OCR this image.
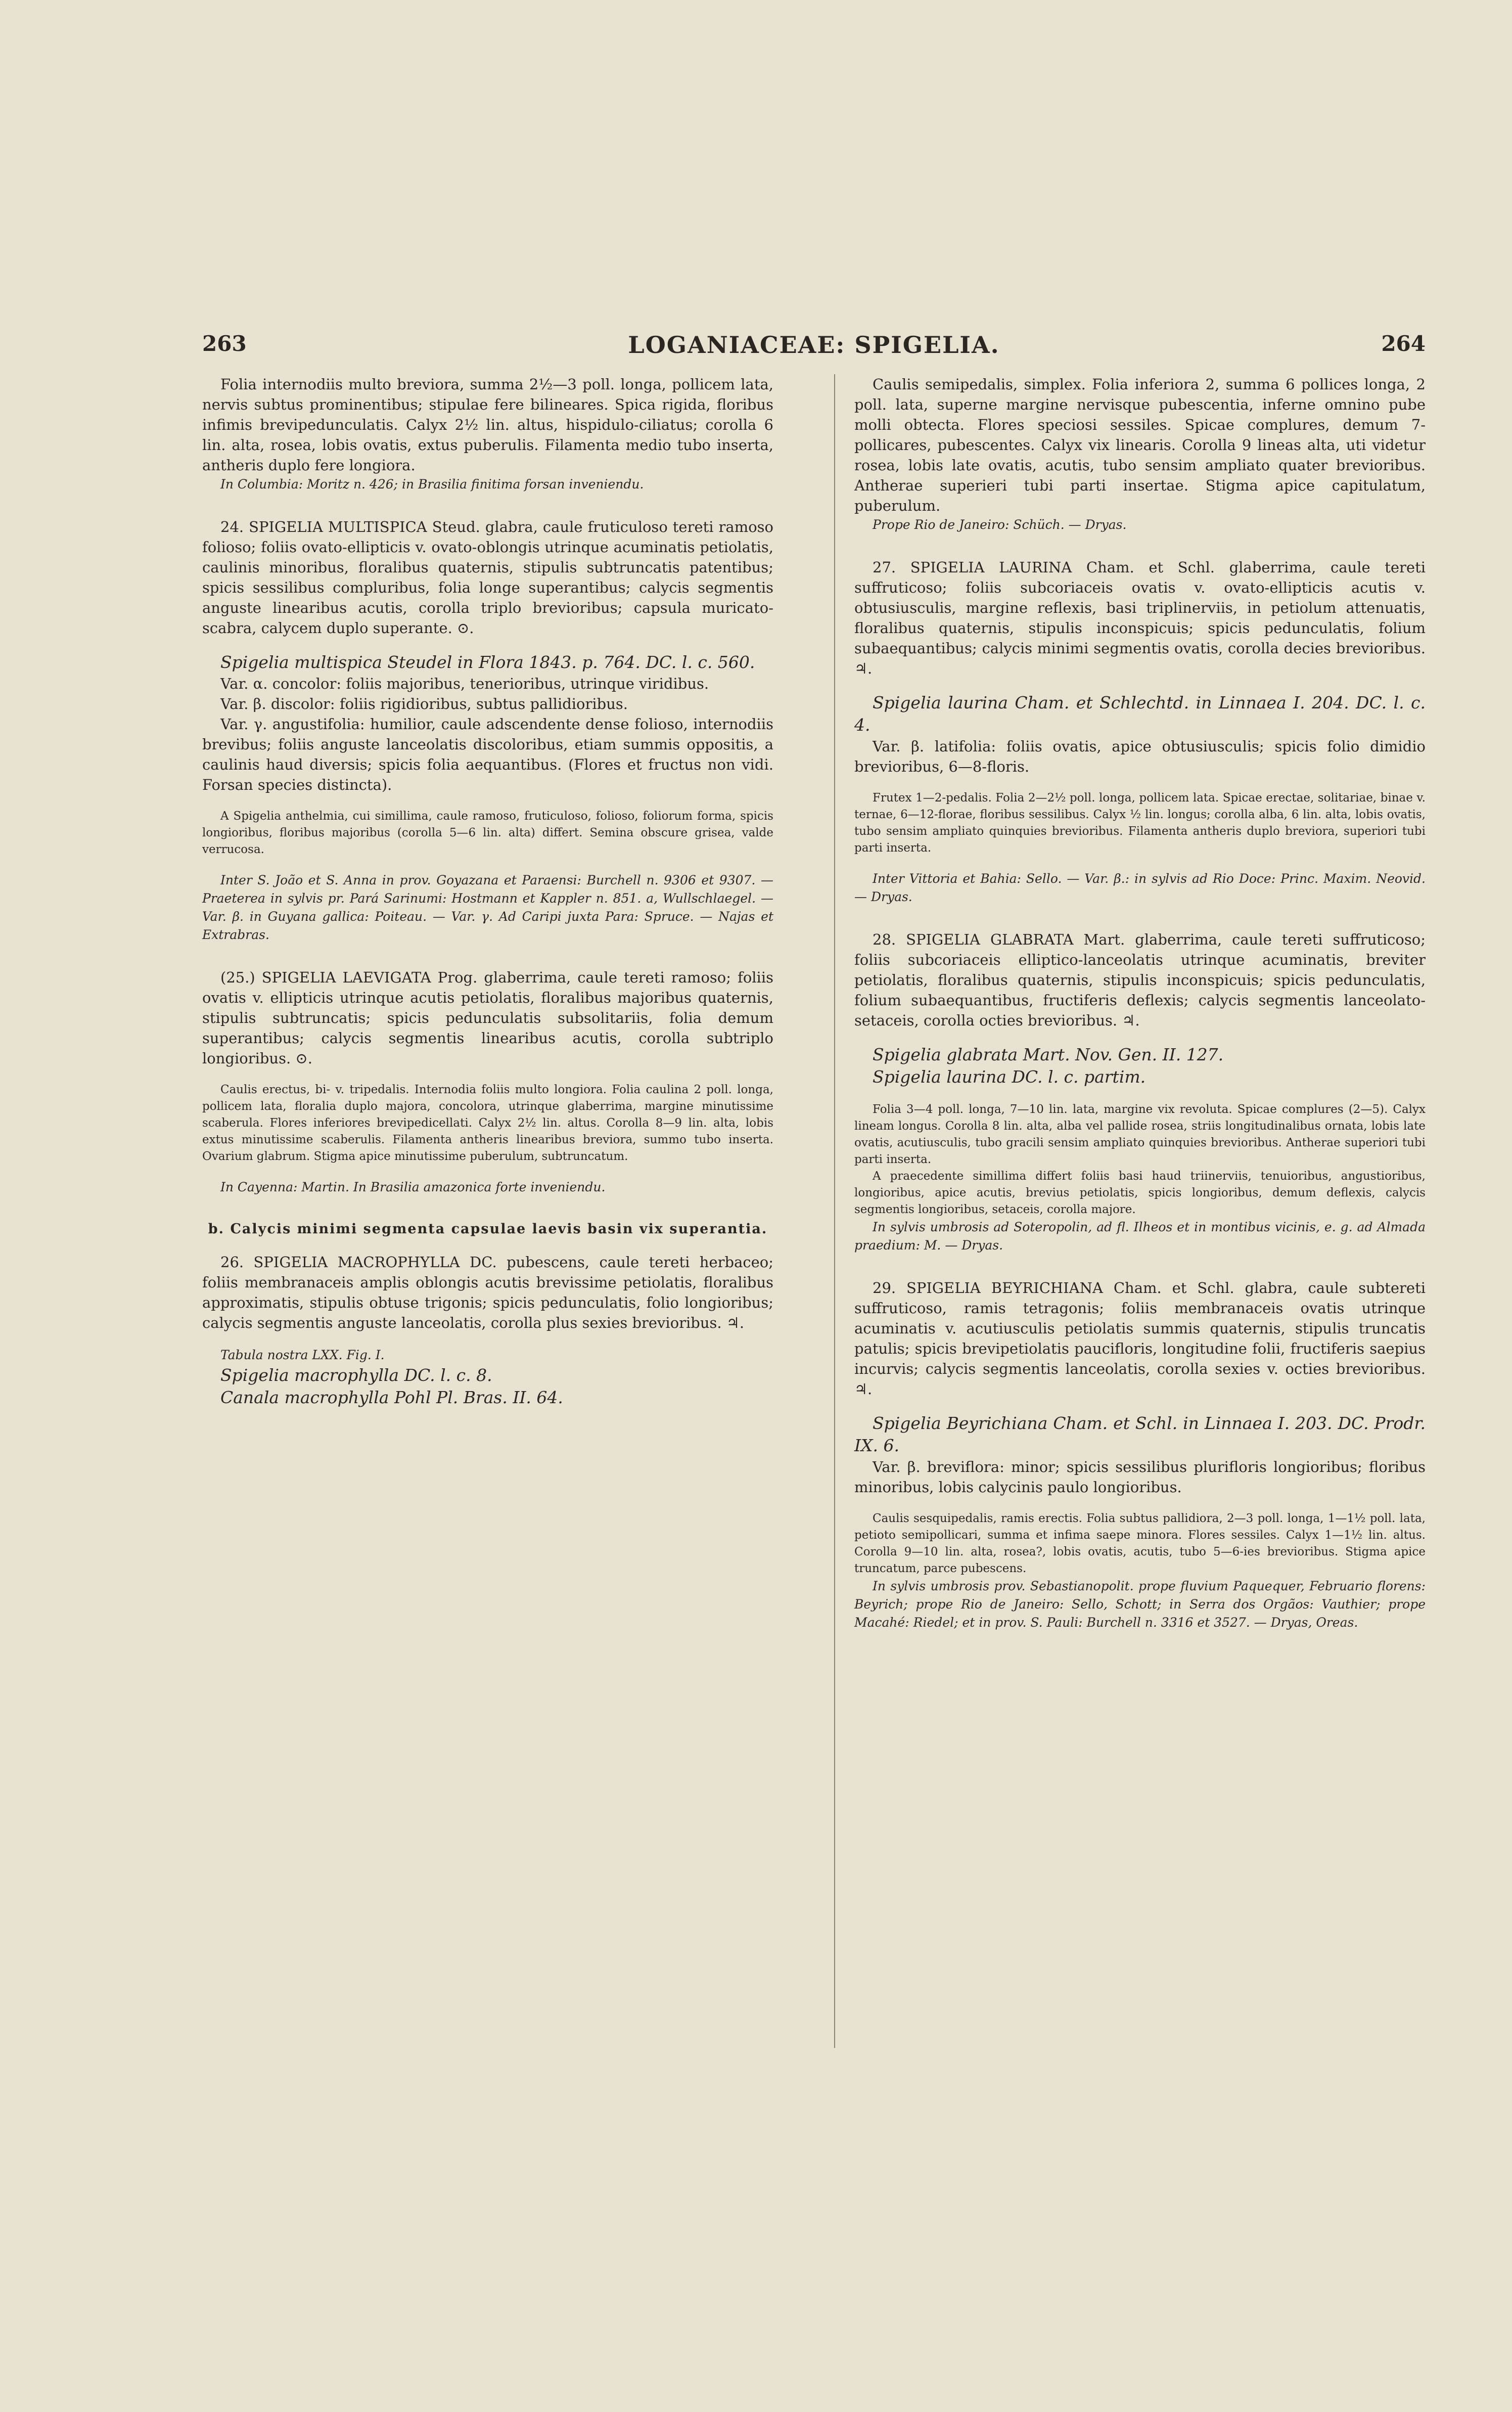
263	LOGANIACEAE: SPIGELIA.	264
Folia internodiis multo breviora, summa 2½—3 poll. longa, pollicem lata, nervis subtus prominentibus; stipulae fere bilineares. Spica rigida, floribus infimis brevipedunculatis. Calyx 2½ lin. altus, hispidulo-ciliatus; corolla 6 lin. alta, rosea, lobis ovatis, extus puberulis. Filamenta medio tubo inserta, antheris duplo fere longiora.
In Columbia: Moritz n. 426; in Brasilia finitima forsan inveniendu.
24. SPIGELIA MULTISPICA Steud. glabra, caule fruticuloso tereti ramoso folioso; foliis ovato-ellipticis v. ovato-oblongis utrinque acuminatis petiolatis, caulinis minoribus, floralibus quaternis, stipulis subtruncatis patentibus; spicis sessilibus compluribus, folia longe superantibus; calycis segmentis anguste linearibus acutis, corolla triplo brevioribus; capsula muricato-scabra, calycem duplo superante. ⊙.
Spigelia multispica Steudel in Flora 1843. p. 764. DC. l. c. 560.
Var. α. concolor: foliis majoribus, tenerioribus, utrinque viridibus.
Var. β. discolor: foliis rigidioribus, subtus pallidioribus.
Var. γ. angustifolia: humilior, caule adscendente dense folioso, internodiis brevibus; foliis anguste lanceolatis discoloribus, etiam summis oppositis, a caulinis haud diversis; spicis folia aequantibus. (Flores et fructus non vidi. Forsan species distincta).
A Spigelia anthelmia, cui simillima, caule ramoso, fruticuloso, folioso, foliorum forma, spicis longioribus, floribus majoribus (corolla 5—6 lin. alta) differt. Semina obscure grisea, valde verrucosa.
Inter S. João et S. Anna in prov. Goyazana et Paraensi: Burchell n. 9306 et 9307. — Praeterea in sylvis pr. Pará Sarinumi: Hostmann et Kappler n. 851. a, Wullschlaegel. — Var. β. in Guyana gallica: Poiteau. — Var. γ. Ad Caripi juxta Para: Spruce. — Najas et Extrabras.
(25.) SPIGELIA LAEVIGATA Prog. glaberrima, caule tereti ramoso; foliis ovatis v. ellipticis utrinque acutis petiolatis, floralibus majoribus quaternis, stipulis subtruncatis; spicis pedunculatis subsolitariis, folia demum superantibus; calycis segmentis linearibus acutis, corolla subtriplo longioribus. ⊙.
Caulis erectus, bi- v. tripedalis. Internodia foliis multo longiora. Folia caulina 2 poll. longa, pollicem lata, floralia duplo majora, concolora, utrinque glaberrima, margine minutissime scaberula. Flores inferiores brevipedicellati. Calyx 2½ lin. altus. Corolla 8—9 lin. alta, lobis extus minutissime scaberulis. Filamenta antheris linearibus breviora, summo tubo inserta. Ovarium glabrum. Stigma apice minutissime puberulum, subtruncatum.
In Cayenna: Martin. In Brasilia amazonica forte inveniendu.
b. Calycis minimi segmenta capsulae laevis basin vix superantia.
26. SPIGELIA MACROPHYLLA DC. pubescens, caule tereti herbaceo; foliis membranaceis amplis oblongis acutis brevissime petiolatis, floralibus approximatis, stipulis obtuse trigonis; spicis pedunculatis, folio longioribus; calycis segmentis anguste lanceolatis, corolla plus sexies brevioribus. ♃.
Tabula nostra LXX. Fig. I.
Spigelia macrophylla DC. l. c. 8.
Canala macrophylla Pohl Pl. Bras. II. 64.
Caulis semipedalis, simplex. Folia inferiora 2, summa 6 pollices longa, 2 poll. lata, superne margine nervisque pubescentia, inferne omnino pube molli obtecta. Flores speciosi sessiles. Spicae complures, demum 7-pollicares, pubescentes. Calyx vix linearis. Corolla 9 lineas alta, uti videtur rosea, lobis late ovatis, acutis, tubo sensim ampliato quater brevioribus. Antherae superieri tubi parti insertae. Stigma apice capitulatum, puberulum.
Prope Rio de Janeiro: Schüch. — Dryas.
27. SPIGELIA LAURINA Cham. et Schl. glaberrima, caule tereti suffruticoso; foliis subcoriaceis ovatis v. ovato-ellipticis acutis v. obtusiusculis, margine reflexis, basi triplinerviis, in petiolum attenuatis, floralibus quaternis, stipulis inconspicuis; spicis pedunculatis, folium subaequantibus; calycis minimi segmentis ovatis, corolla decies brevioribus. ♃.
Spigelia laurina Cham. et Schlechtd. in Linnaea I. 204. DC. l. c. 4.
Var. β. latifolia: foliis ovatis, apice obtusiusculis; spicis folio dimidio brevioribus, 6—8-floris.
Frutex 1—2-pedalis. Folia 2—2½ poll. longa, pollicem lata. Spicae erectae, solitariae, binae v. ternae, 6—12-florae, floribus sessilibus. Calyx ½ lin. longus; corolla alba, 6 lin. alta, lobis ovatis, tubo sensim ampliato quinquies brevioribus. Filamenta antheris duplo breviora, superiori tubi parti inserta.
Inter Vittoria et Bahia: Sello. — Var. β.: in sylvis ad Rio Doce: Princ. Maxim. Neovid. — Dryas.
28. SPIGELIA GLABRATA Mart. glaberrima, caule tereti suffruticoso; foliis subcoriaceis elliptico-lanceolatis utrinque acuminatis, breviter petiolatis, floralibus quaternis, stipulis inconspicuis; spicis pedunculatis, folium subaequantibus, fructiferis deflexis; calycis segmentis lanceolato-setaceis, corolla octies brevioribus. ♃.
Spigelia glabrata Mart. Nov. Gen. II. 127.
Spigelia laurina DC. l. c. partim.
Folia 3—4 poll. longa, 7—10 lin. lata, margine vix revoluta. Spicae complures (2—5). Calyx lineam longus. Corolla 8 lin. alta, alba vel pallide rosea, striis longitudinalibus ornata, lobis late ovatis, acutiusculis, tubo gracili sensim ampliato quinquies brevioribus. Antherae superiori tubi parti inserta.
A praecedente simillima differt foliis basi haud triinerviis, tenuioribus, angustioribus, longioribus, apice acutis, brevius petiolatis, spicis longioribus, demum deflexis, calycis segmentis longioribus, setaceis, corolla majore.
In sylvis umbrosis ad Soteropolin, ad fl. Ilheos et in montibus vicinis, e. g. ad Almada praedium: M. — Dryas.
29. SPIGELIA BEYRICHIANA Cham. et Schl. glabra, caule subtereti suffruticoso, ramis tetragonis; foliis membranaceis ovatis utrinque acuminatis v. acutiusculis petiolatis summis quaternis, stipulis truncatis patulis; spicis brevipetiolatis paucifloris, longitudine folii, fructiferis saepius incurvis; calycis segmentis lanceolatis, corolla sexies v. octies brevioribus. ♃.
Spigelia Beyrichiana Cham. et Schl. in Linnaea I. 203. DC. Prodr. IX. 6.
Var. β. breviflora: minor; spicis sessilibus plurifloris longioribus; floribus minoribus, lobis calycinis paulo longioribus.
Caulis sesquipedalis, ramis erectis. Folia subtus pallidiora, 2—3 poll. longa, 1—1½ poll. lata, petioto semipollicari, summa et infima saepe minora. Flores sessiles. Calyx 1—1½ lin. altus. Corolla 9—10 lin. alta, rosea?, lobis ovatis, acutis, tubo 5—6-ies brevioribus. Stigma apice truncatum, parce pubescens.
In sylvis umbrosis prov. Sebastianopolit. prope fluvium Paquequer, Februario florens: Beyrich; prope Rio de Janeiro: Sello, Schott; in Serra dos Orgãos: Vauthier; prope Macahé: Riedel; et in prov. S. Pauli: Burchell n. 3316 et 3527. — Dryas, Oreas.
